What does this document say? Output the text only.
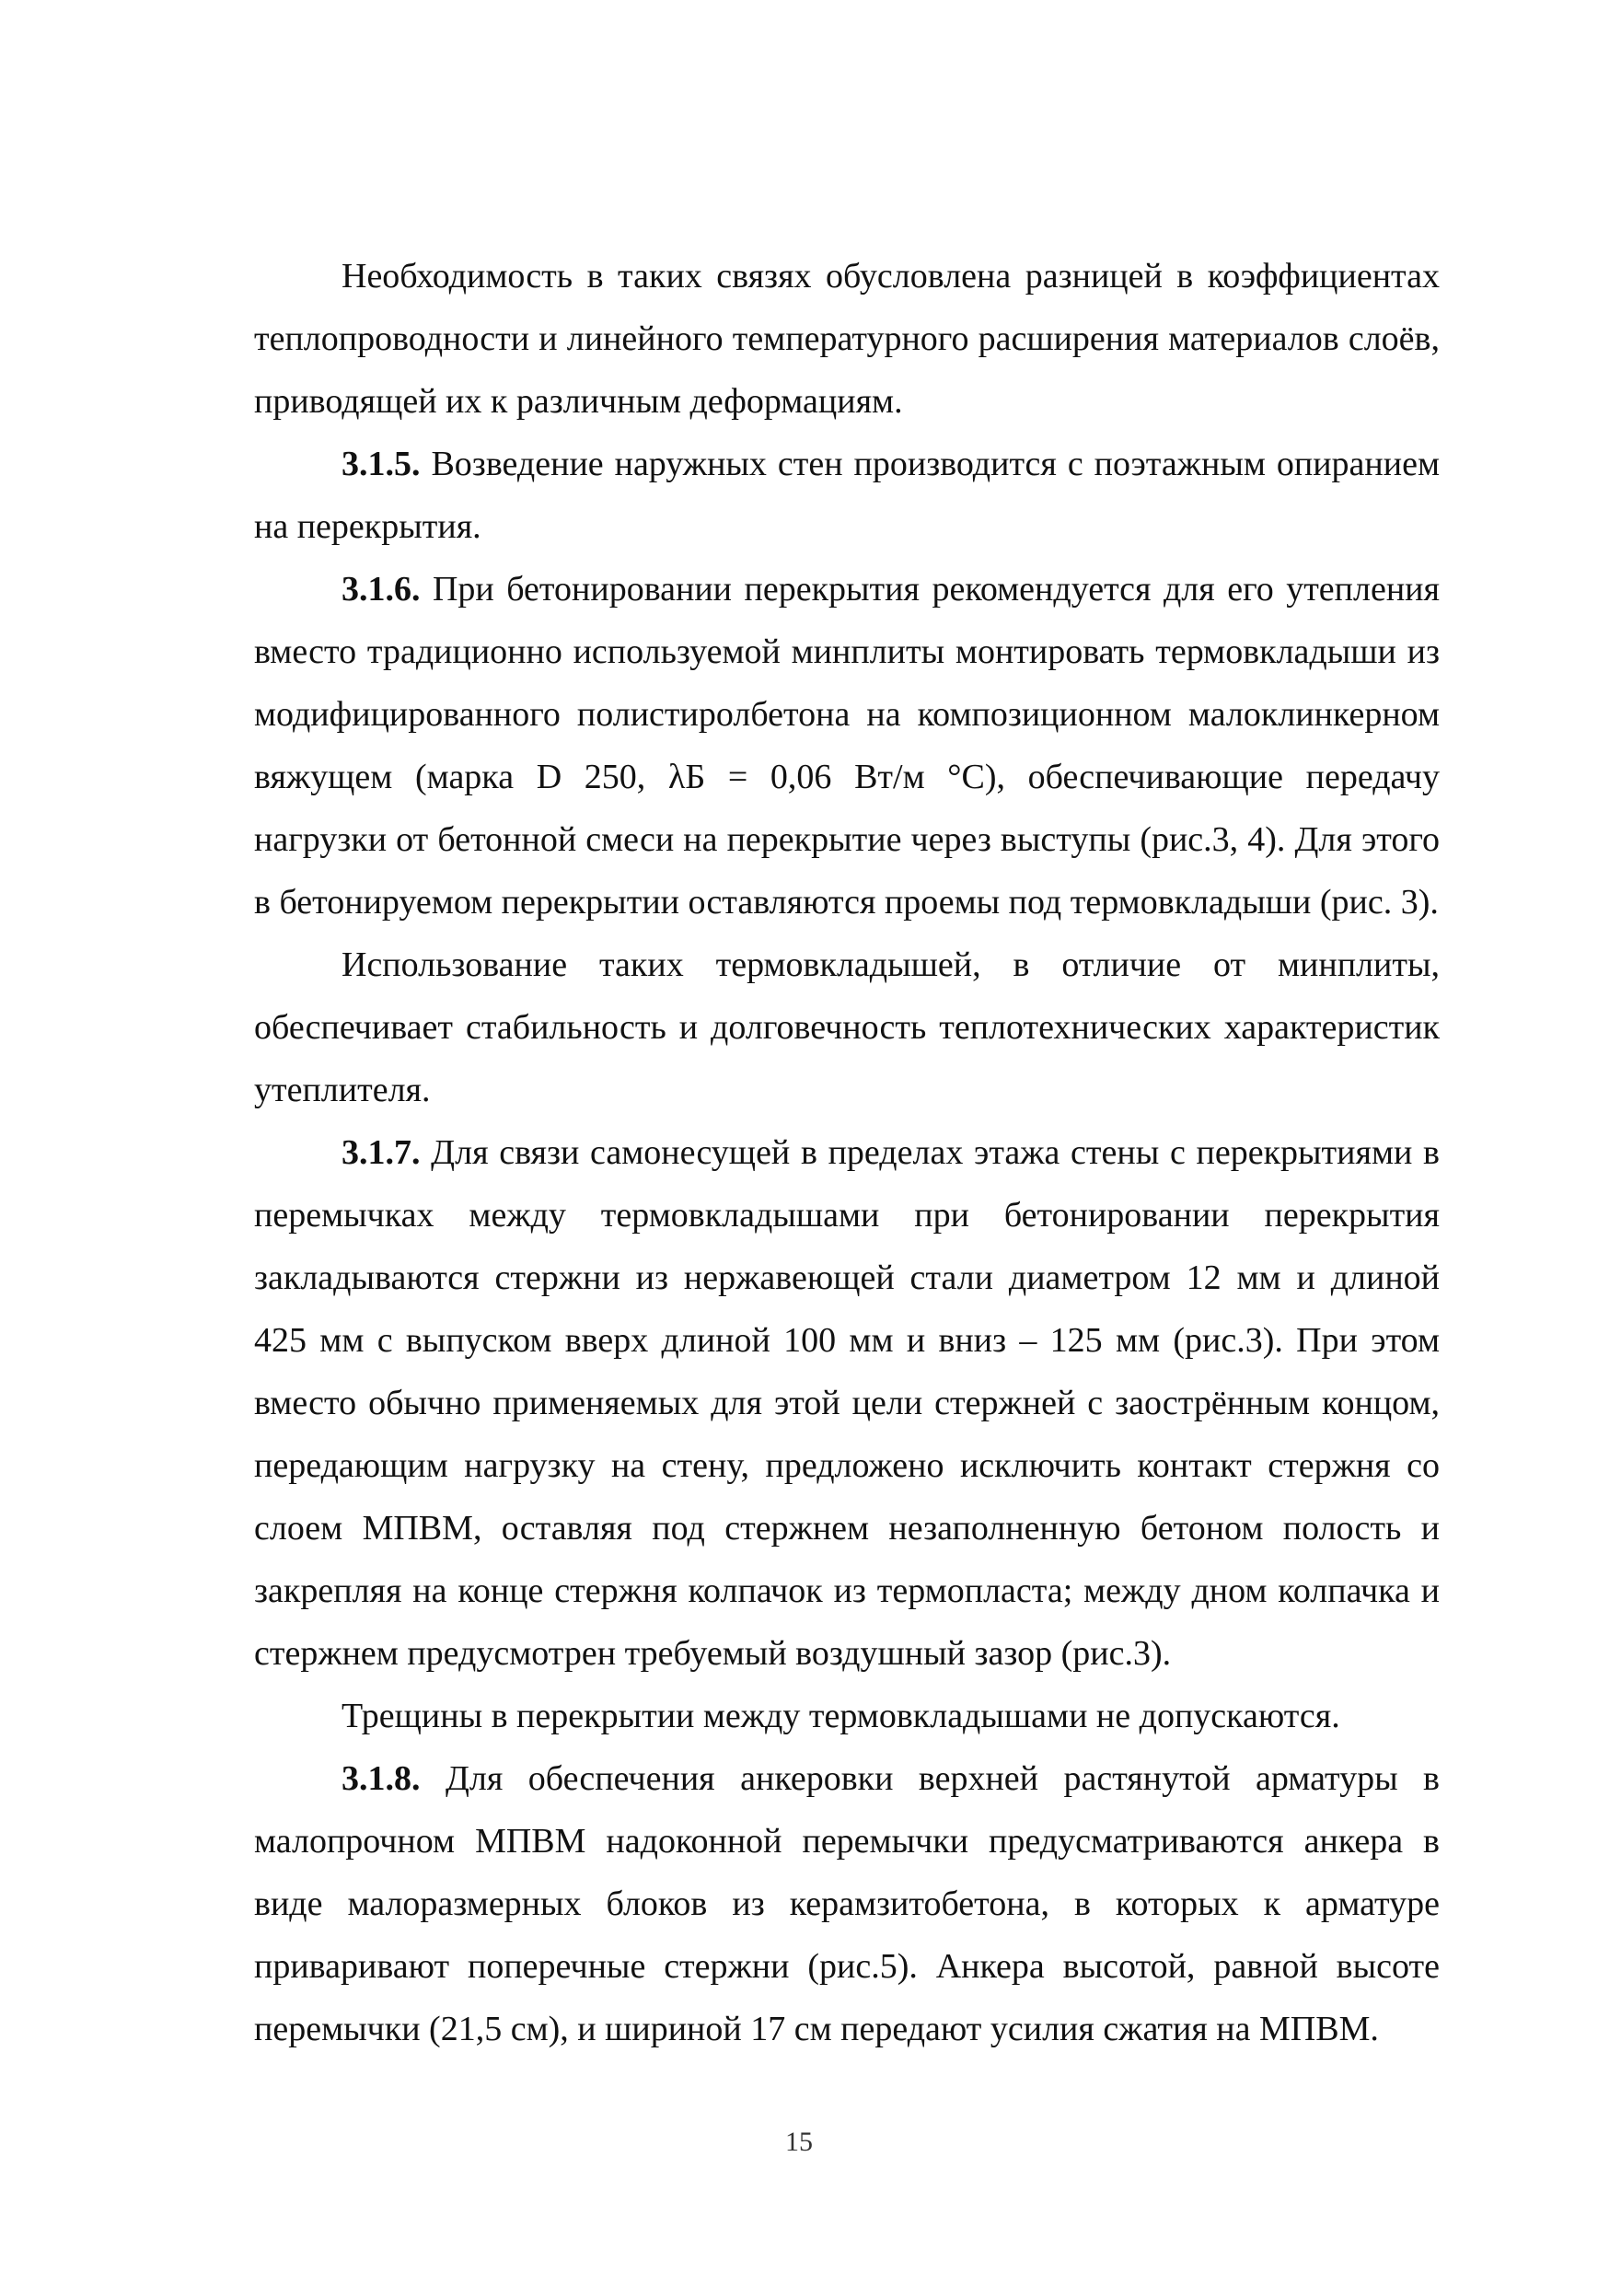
Необходимость в таких связях обусловлена разницей в коэффициентах теплопроводности и линейного температурного расширения материалов слоёв, приводящей их к различным деформациям.

3.1.5. Возведение наружных стен производится с поэтажным опиранием на перекрытия.

3.1.6. При бетонировании перекрытия рекомендуется для его утепления вместо традиционно используемой минплиты монтировать термовкладыши из модифицированного полистиролбетона на композиционном малоклинкерном вяжущем (марка D 250, λБ = 0,06 Вт/м °С), обеспечивающие передачу нагрузки от бетонной смеси на перекрытие через выступы (рис.3, 4). Для этого в бетонируемом перекрытии оставляются проемы под термовкладыши (рис. 3).

Использование таких термовкладышей, в отличие от минплиты, обеспечивает стабильность и долговечность теплотехнических характеристик утеплителя.

3.1.7. Для связи самонесущей в пределах этажа стены с перекрытиями в перемычках между термовкладышами при бетонировании перекрытия закладываются стержни из нержавеющей стали диаметром 12 мм и длиной 425 мм с выпуском вверх длиной 100 мм и вниз – 125 мм (рис.3). При этом вместо обычно применяемых для этой цели стержней с заострённым концом, передающим нагрузку на стену, предложено исключить контакт стержня со слоем МПВМ, оставляя под стержнем незаполненную бетоном полость и закрепляя на конце стержня колпачок из термопласта; между дном колпачка и стержнем предусмотрен требуемый воздушный зазор (рис.3).

Трещины в перекрытии между термовкладышами не допускаются.

3.1.8. Для обеспечения анкеровки верхней растянутой арматуры в малопрочном МПВМ надоконной перемычки предусматриваются анкера в виде малоразмерных блоков из керамзитобетона, в которых к арматуре приваривают поперечные стержни (рис.5). Анкера высотой, равной высоте перемычки (21,5 см), и шириной 17 см передают усилия сжатия на МПВМ.

15
